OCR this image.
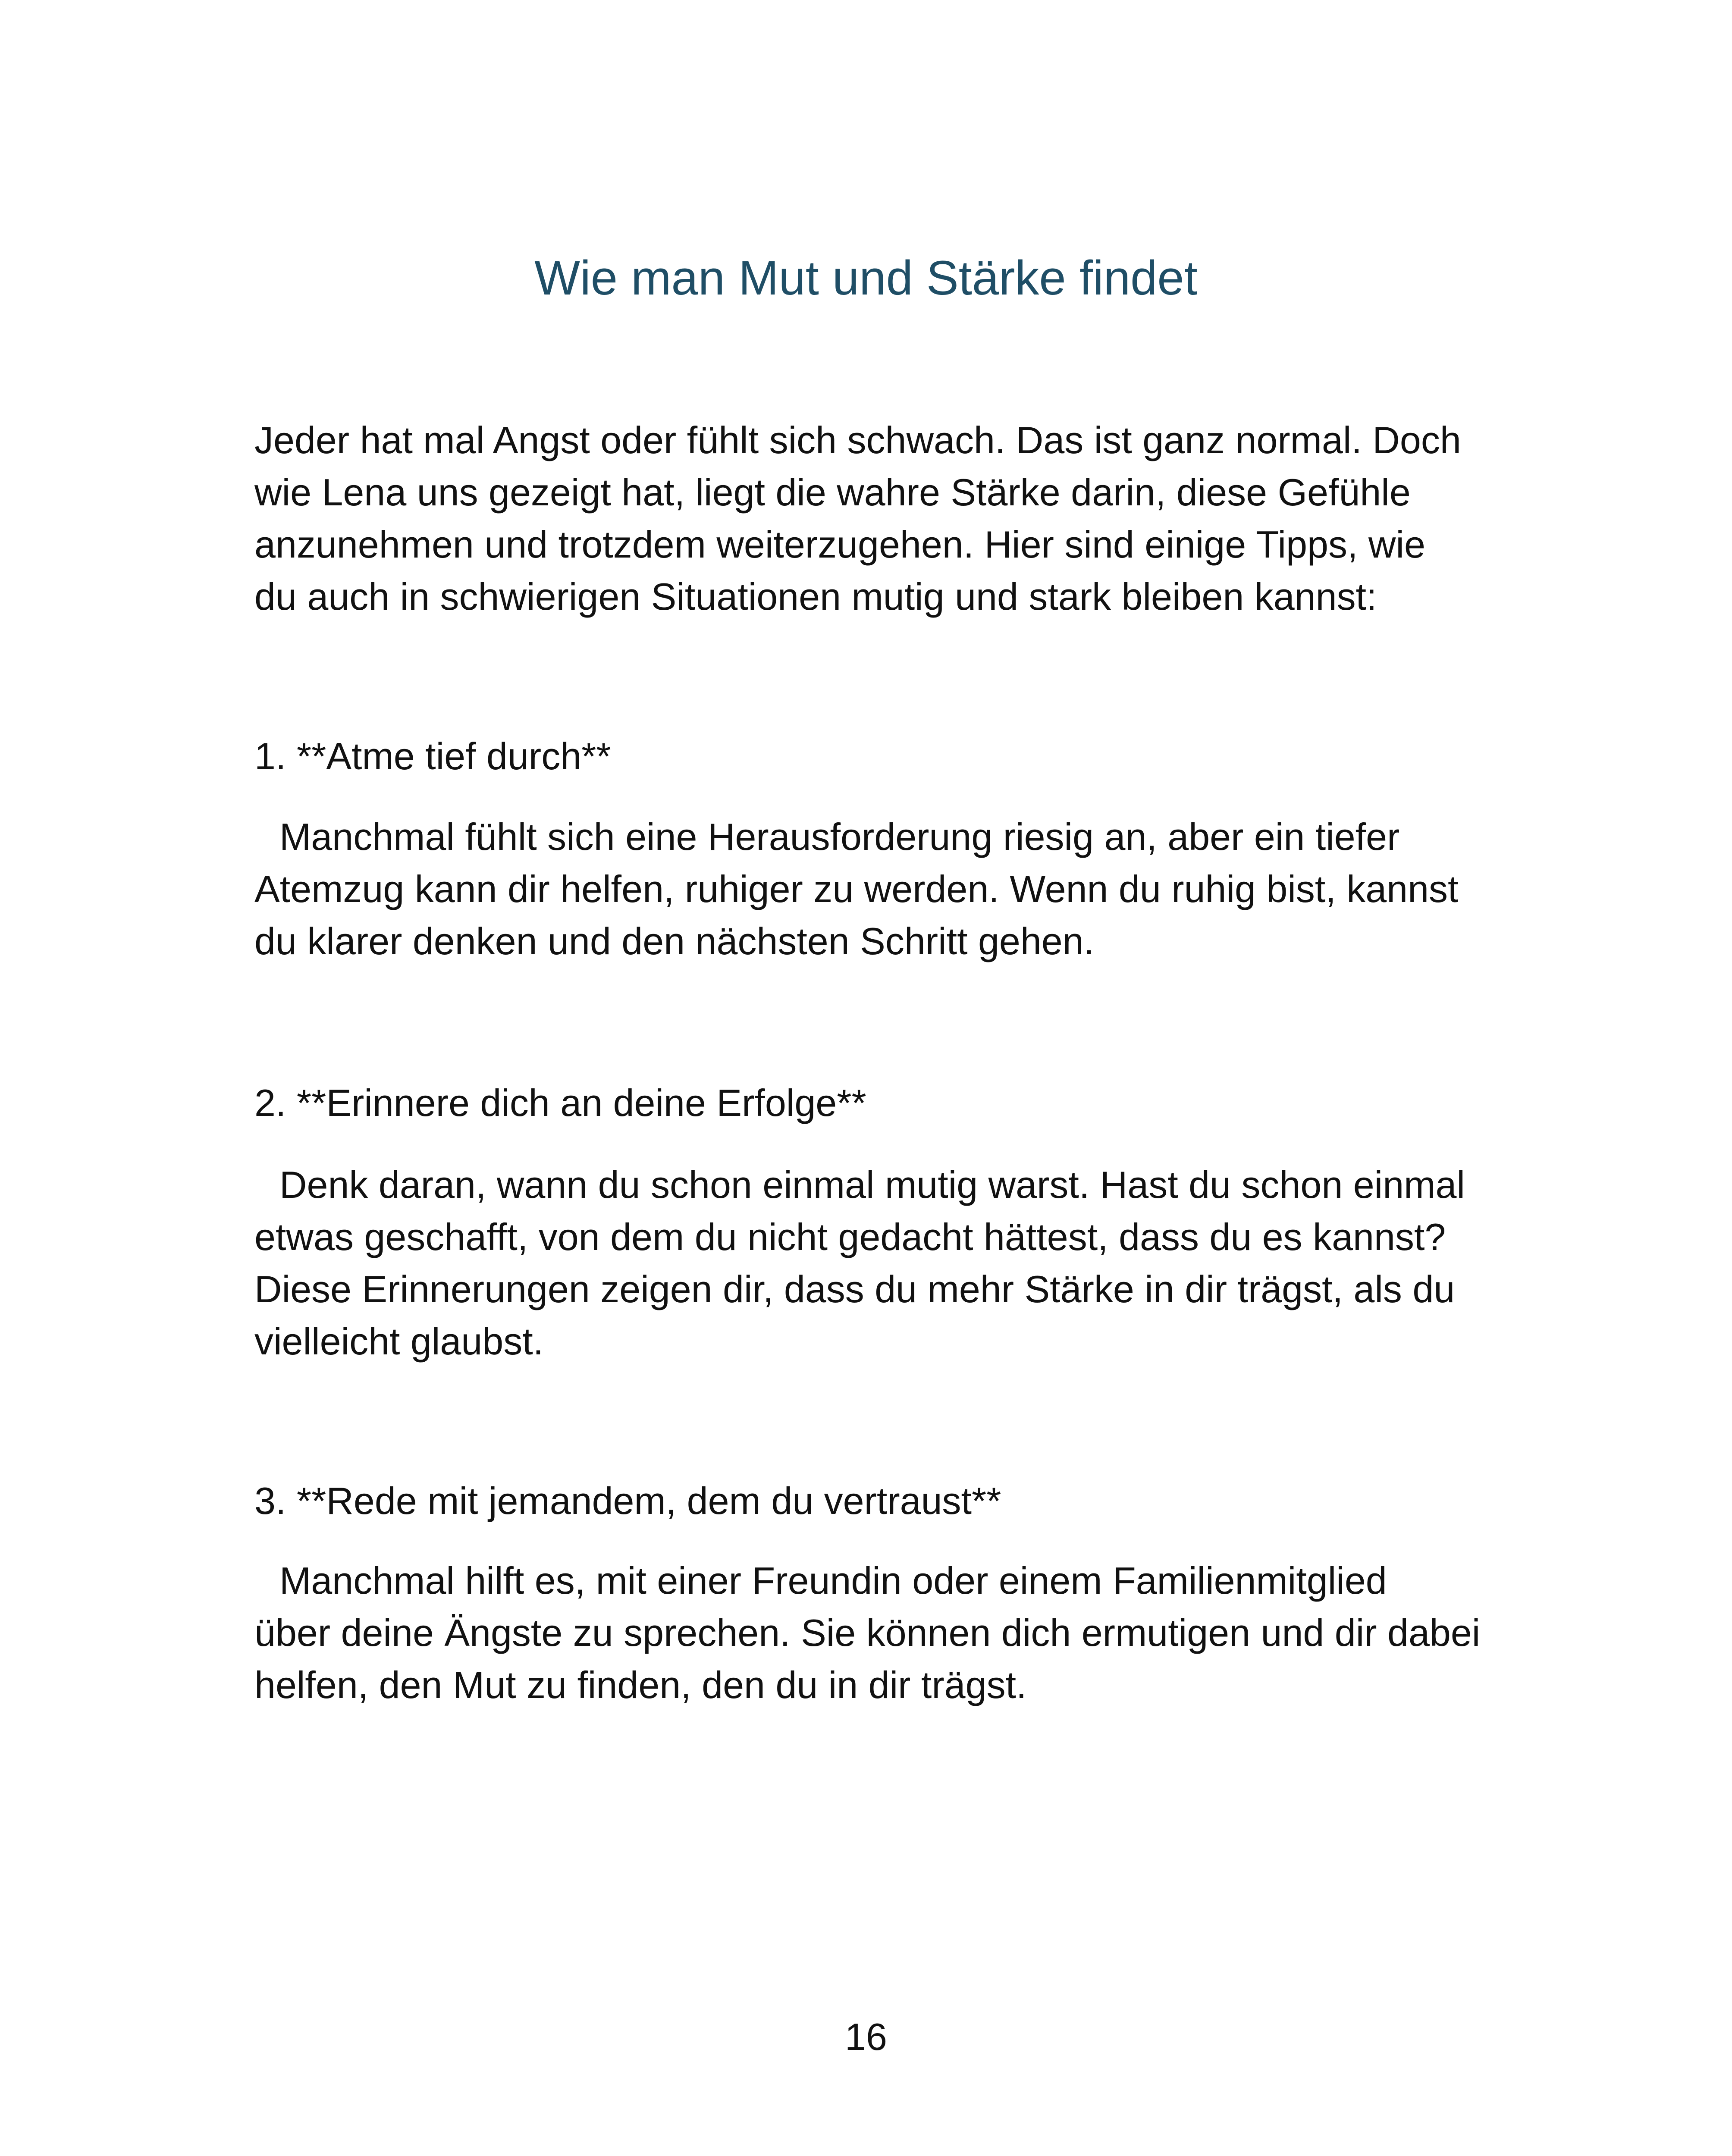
Wie man Mut und Stärke findet

Jeder hat mal Angst oder fühlt sich schwach. Das ist ganz normal. Doch
wie Lena uns gezeigt hat, liegt die wahre Stärke darin, diese Gefühle
anzunehmen und trotzdem weiterzugehen. Hier sind einige Tipps, wie
du auch in schwierigen Situationen mutig und stark bleiben kannst:

1. **Atme tief durch**

Manchmal fühlt sich eine Herausforderung riesig an, aber ein tiefer
Atemzug kann dir helfen, ruhiger zu werden. Wenn du ruhig bist, kannst
du klarer denken und den nächsten Schritt gehen.

2. **Erinnere dich an deine Erfolge**

Denk daran, wann du schon einmal mutig warst. Hast du schon einmal
etwas geschafft, von dem du nicht gedacht hättest, dass du es kannst?
Diese Erinnerungen zeigen dir, dass du mehr Stärke in dir trägst, als du
vielleicht glaubst.

3. **Rede mit jemandem, dem du vertraust**

Manchmal hilft es, mit einer Freundin oder einem Familienmitglied
über deine Ängste zu sprechen. Sie können dich ermutigen und dir dabei
helfen, den Mut zu finden, den du in dir trägst.

16
